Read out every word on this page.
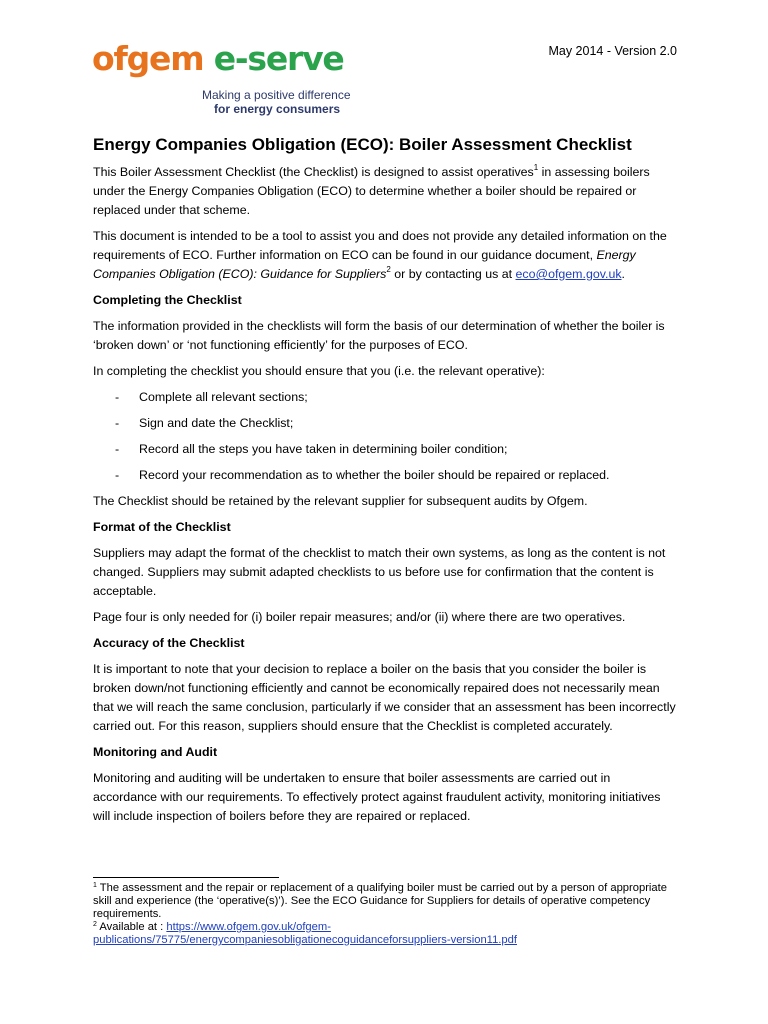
ofgem e-serve
Making a positive difference
for energy consumers
May 2014 - Version 2.0
Energy Companies Obligation (ECO): Boiler Assessment Checklist

This Boiler Assessment Checklist (the Checklist) is designed to assist operatives$^1$ in assessing boilers under the Energy Companies Obligation (ECO) to determine whether a boiler should be repaired or replaced under that scheme.

This document is intended to be a tool to assist you and does not provide any detailed information on the requirements of ECO. Further information on ECO can be found in our guidance document, Energy Companies Obligation (ECO): Guidance for Suppliers$^2$ or by contacting us at eco@ofgem.gov.uk.

Completing the Checklist

The information provided in the checklists will form the basis of our determination of whether the boiler is ‘broken down’ or ‘not functioning efficiently’ for the purposes of ECO.

In completing the checklist you should ensure that you (i.e. the relevant operative):

-	Complete all relevant sections;
-	Sign and date the Checklist;
-	Record all the steps you have taken in determining boiler condition;
-	Record your recommendation as to whether the boiler should be repaired or replaced.

The Checklist should be retained by the relevant supplier for subsequent audits by Ofgem.

Format of the Checklist

Suppliers may adapt the format of the checklist to match their own systems, as long as the content is not changed. Suppliers may submit adapted checklists to us before use for confirmation that the content is acceptable.

Page four is only needed for (i) boiler repair measures; and/or (ii) where there are two operatives.

Accuracy of the Checklist

It is important to note that your decision to replace a boiler on the basis that you consider the boiler is broken down/not functioning efficiently and cannot be economically repaired does not necessarily mean that we will reach the same conclusion, particularly if we consider that an assessment has been incorrectly carried out. For this reason, suppliers should ensure that the Checklist is completed accurately.

Monitoring and Audit

Monitoring and auditing will be undertaken to ensure that boiler assessments are carried out in accordance with our requirements. To effectively protect against fraudulent activity, monitoring initiatives will include inspection of boilers before they are repaired or replaced.

$^1$ The assessment and the repair or replacement of a qualifying boiler must be carried out by a person of appropriate skill and experience (the ‘operative(s)’). See the ECO Guidance for Suppliers for details of operative competency requirements.

$^2$ Available at : https://www.ofgem.gov.uk/ofgem-publications/75775/energycompaniesobligationecoguidanceforsuppliers-version11.pdf
